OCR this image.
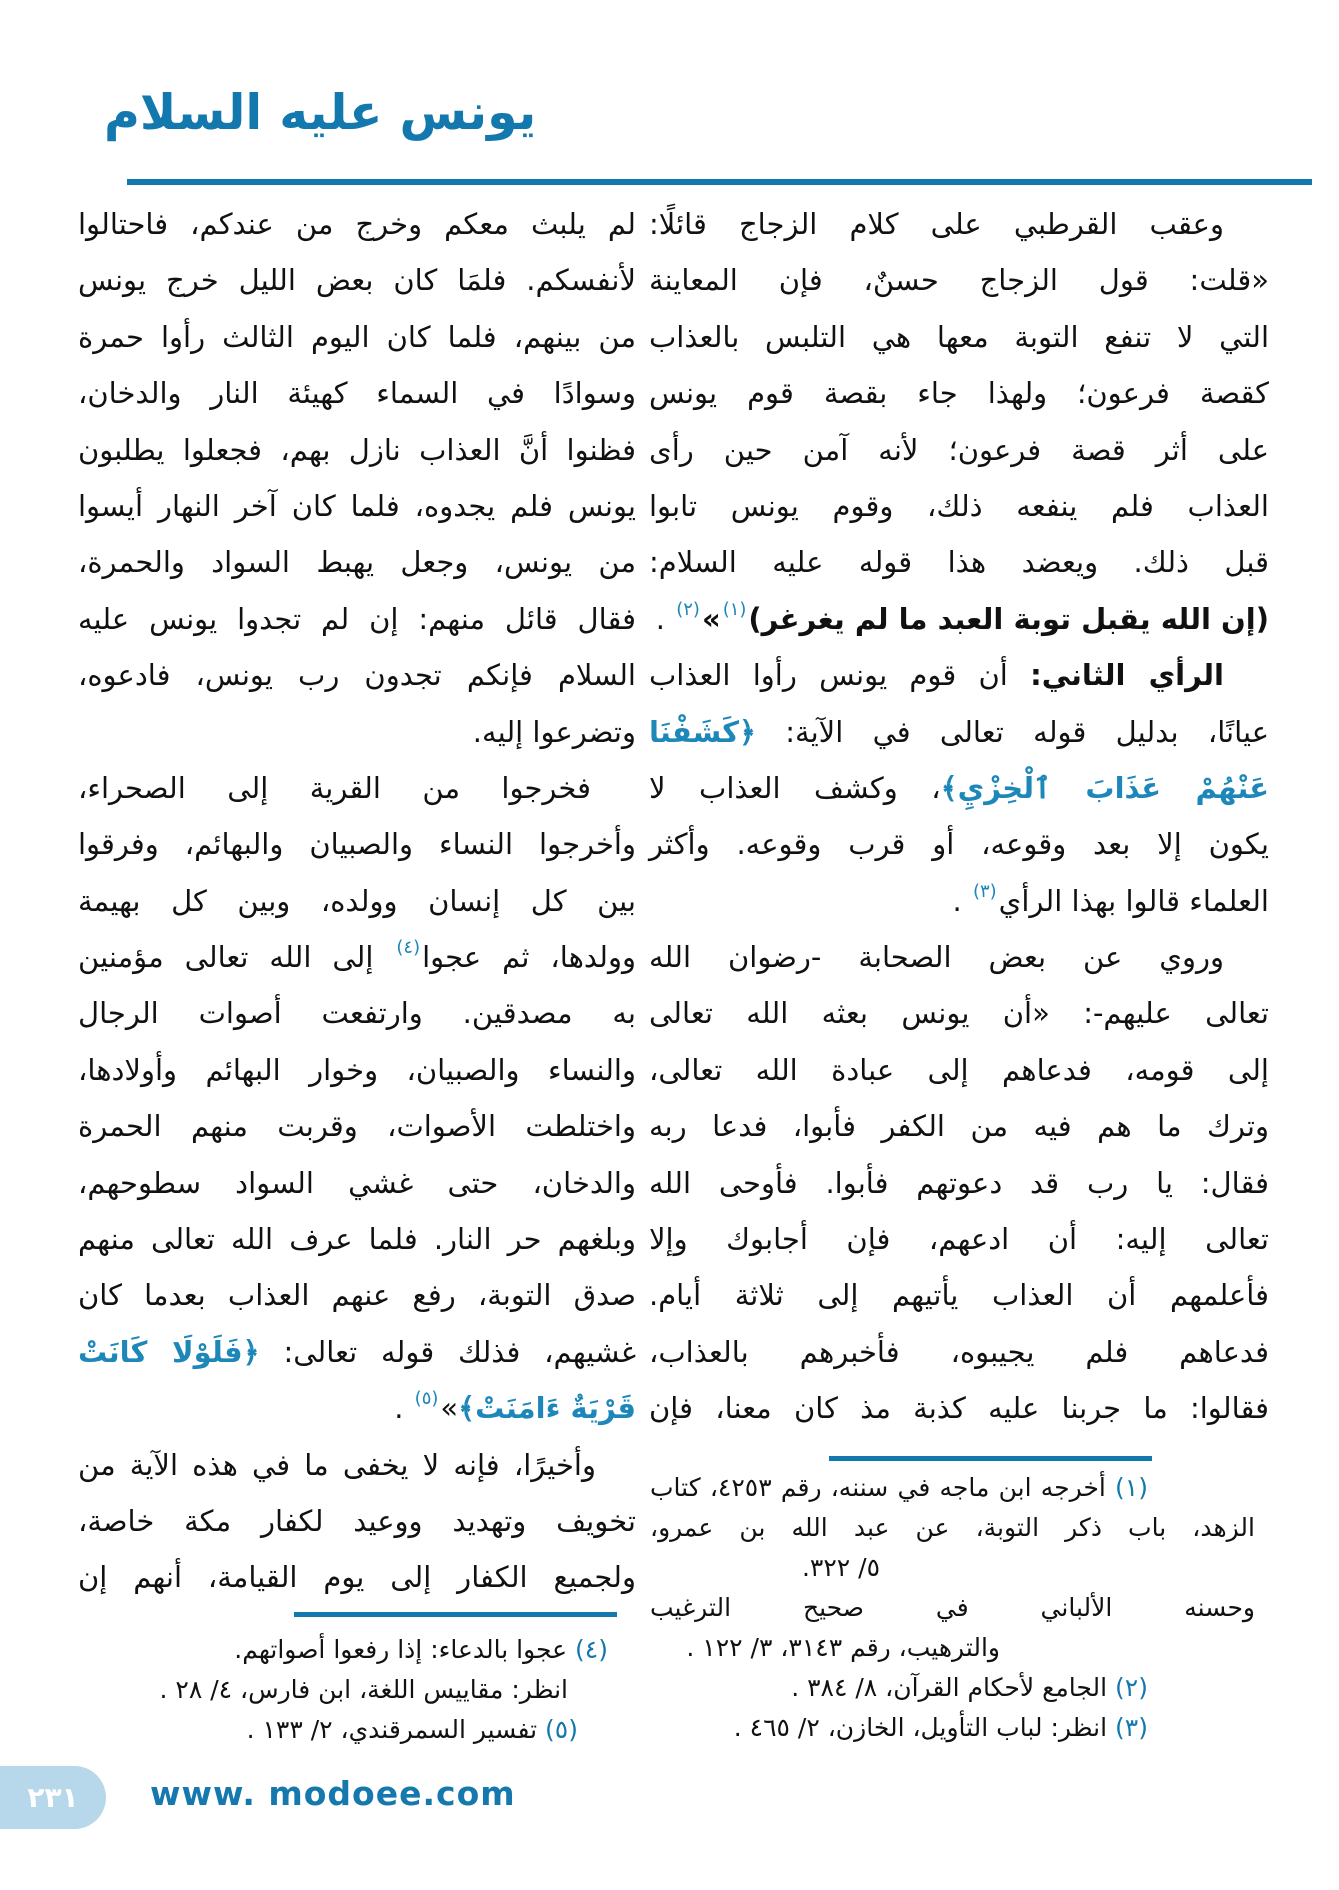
يونس عليه السلام
وعقب القرطبي على كلام الزجاج قائلًا:
«قلت: قول الزجاج حسنٌ، فإن المعاينة
التي لا تنفع التوبة معها هي التلبس بالعذاب
كقصة فرعون؛ ولهذا جاء بقصة قوم يونس
على أثر قصة فرعون؛ لأنه آمن حين رأى
العذاب فلم ينفعه ذلك، وقوم يونس تابوا
قبل ذلك. ويعضد هذا قوله عليه السلام:
(إن الله يقبل توبة العبد ما لم يغرغر)$^{(١)}$»$^{(٢)}$ .
الرأي الثاني: أن قوم يونس رأوا العذاب
عيانًا، بدليل قوله تعالى في الآية: ﴿كَشَفْنَا
عَنْهُمْ عَذَابَ ٱلْخِزْيِ﴾، وكشف العذاب لا
يكون إلا بعد وقوعه، أو قرب وقوعه. وأكثر
العلماء قالوا بهذا الرأي$^{(٣)}$ .
وروي عن بعض الصحابة -رضوان الله
تعالى عليهم-: «أن يونس بعثه الله تعالى
إلى قومه، فدعاهم إلى عبادة الله تعالى،
وترك ما هم فيه من الكفر فأبوا، فدعا ربه
فقال: يا رب قد دعوتهم فأبوا. فأوحى الله
تعالى إليه: أن ادعهم، فإن أجابوك وإلا
فأعلمهم أن العذاب يأتيهم إلى ثلاثة أيام.
فدعاهم فلم يجيبوه، فأخبرهم بالعذاب،
فقالوا: ما جربنا عليه كذبة مذ كان معنا، فإن
لم يلبث معكم وخرج من عندكم، فاحتالوا
لأنفسكم. فلمَا كان بعض الليل خرج يونس
من بينهم، فلما كان اليوم الثالث رأوا حمرة
وسوادًا في السماء كهيئة النار والدخان،
فظنوا أنَّ العذاب نازل بهم، فجعلوا يطلبون
يونس فلم يجدوه، فلما كان آخر النهار أيسوا
من يونس، وجعل يهبط السواد والحمرة،
فقال قائل منهم: إن لم تجدوا يونس عليه
السلام فإنكم تجدون رب يونس، فادعوه،
وتضرعوا إليه.
فخرجوا من القرية إلى الصحراء،
وأخرجوا النساء والصبيان والبهائم، وفرقوا
بين كل إنسان وولده، وبين كل بهيمة
وولدها، ثم عجوا$^{(٤)}$ إلى الله تعالى مؤمنين
به مصدقين. وارتفعت أصوات الرجال
والنساء والصبيان، وخوار البهائم وأولادها،
واختلطت الأصوات، وقربت منهم الحمرة
والدخان، حتى غشي السواد سطوحهم،
وبلغهم حر النار. فلما عرف الله تعالى منهم
صدق التوبة، رفع عنهم العذاب بعدما كان
غشيهم، فذلك قوله تعالى: ﴿فَلَوْلَا كَانَتْ
قَرْيَةٌ ءَامَنَتْ﴾»$^{(٥)}$ .
وأخيرًا، فإنه لا يخفى ما في هذه الآية من
تخويف وتهديد ووعيد لكفار مكة خاصة،
ولجميع الكفار إلى يوم القيامة، أنهم إن
(١) أخرجه ابن ماجه في سننه، رقم ٤٢٥٣، كتاب
الزهد، باب ذكر التوبة، عن عبد الله بن عمرو،
٥/ ٣٢٢.
وحسنه الألباني في صحيح الترغيب
والترهيب، رقم ٣١٤٣، ٣/ ١٢٢ .
(٢) الجامع لأحكام القرآن، ٨/ ٣٨٤ .
(٣) انظر: لباب التأويل، الخازن، ٢/ ٤٦٥ .
(٤) عجوا بالدعاء: إذا رفعوا أصواتهم.
انظر: مقاييس اللغة، ابن فارس، ٤/ ٢٨ .
(٥) تفسير السمرقندي، ٢/ ١٣٣ .
٢٣١ www. modoee.com
